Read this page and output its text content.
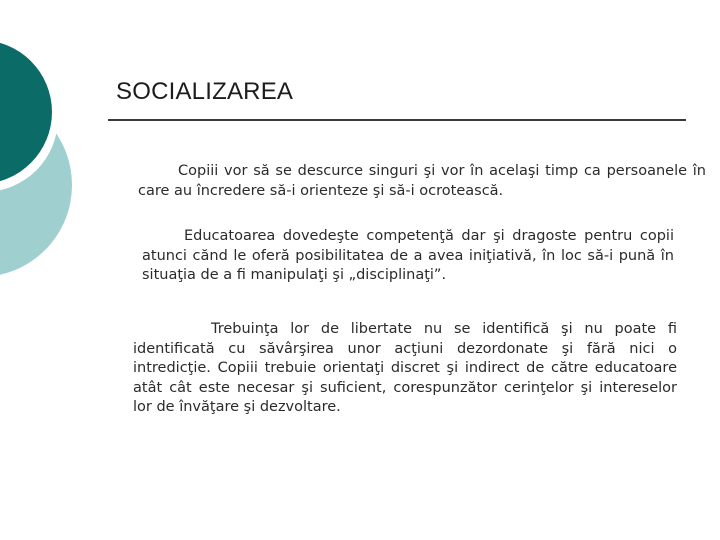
SOCIALIZAREA

Copiii vor să se descurce singuri şi vor în acelaşi timp ca persoanele în care au încredere să-i orienteze şi să-i ocrotească.

Educatoarea dovedeşte competenţă dar şi dragoste pentru copii atunci cănd le oferă posibilitatea de a avea iniţiativă, în loc să-i pună în situaţia de a fi manipulaţi şi „disciplinaţi”.

Trebuinţa lor de libertate nu se identifică şi nu poate fi identificată cu săvârşirea unor acţiuni dezordonate şi fără nici o intredicţie. Copiii trebuie orientaţi discret şi indirect de către educatoare atât cât este necesar şi suficient, corespunzător cerinţelor şi intereselor lor de învăţare şi dezvoltare.
